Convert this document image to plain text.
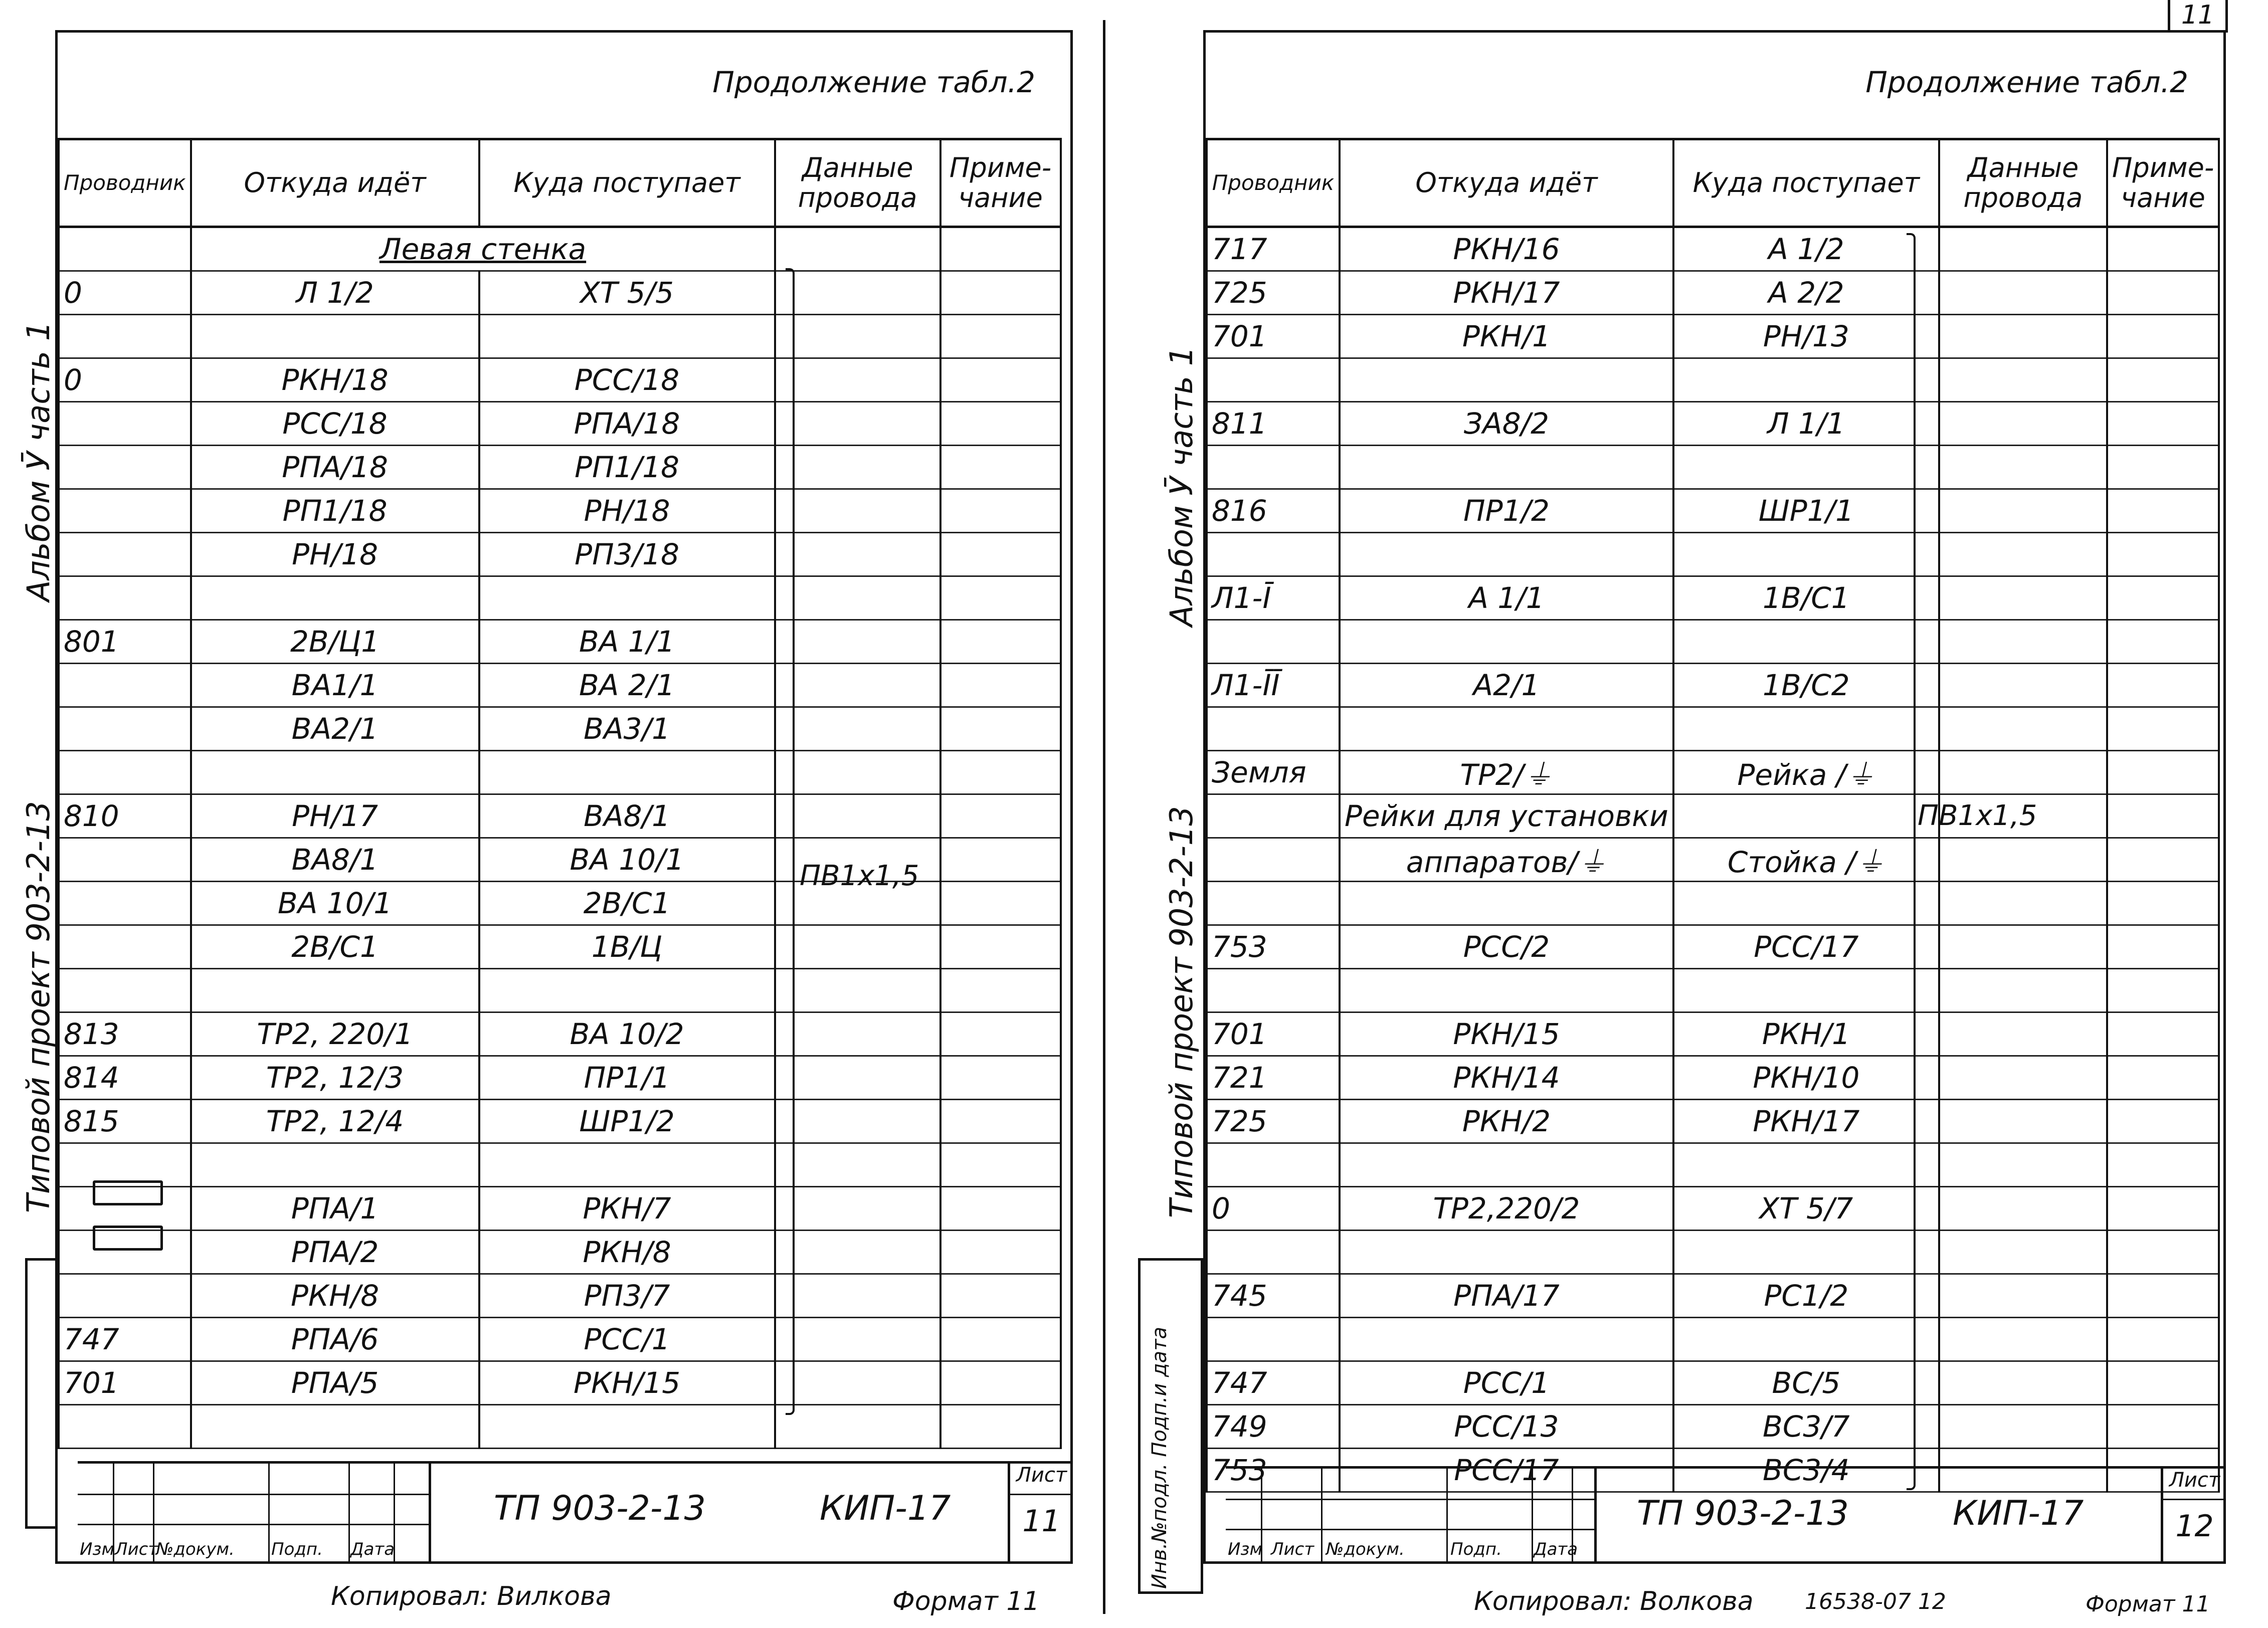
Продолжение табл.2
Проводник	Откуда идёт	Куда поступает	Данные провода	Приме-чание
	Левая стенка			
0	Л 1/2	XT 5/5		

0	РКН/18	РСС/18		
	РСС/18	РПА/18		
	РПА/18	РП1/18		
	РП1/18	РН/18		
	РН/18	РП3/18		

801	2В/Ц1	ВА 1/1		
	ВА1/1	ВА 2/1		
	ВА2/1	ВА3/1		

810	РН/17	ВА8/1		
	ВА8/1	ВА 10/1		
	ВА 10/1	2В/С1		
	2В/С1	1В/Ц		

813	ТР2, 220/1	ВА 10/2		
814	ТР2, 12/3	ПР1/1		
815	ТР2, 12/4	ШР1/2		

	РПА/1	РКН/7		
	РПА/2	РКН/8		
	РКН/8	РП3/7		
747	РПА/6	РСС/1		
701	РПА/5	РКН/15		

ПВ1х1,5
Изм Лист
№докум. Подп. Дата
ТП 903-2-13	КИП-17
Лист
11
Альбом Ӯ часть 1
Типовой проект 903-2-13
Копировал: Вилкова	Формат 11
11
Продолжение табл.2
Проводник	Откуда идёт	Куда поступает	Данные провода	Приме-чание
717	РКН/16	А 1/2		
725	РКН/17	А 2/2		
701	РКН/1	РН/13		

811	ЗА8/2	Л 1/1		

816	ПР1/2	ШР1/1		

Л1-Ī	А 1/1	1В/С1		

Л1-ĪĪ	А2/1	1В/С2		

Земля	ТР2/⏚	Рейка /⏚		
	Рейки для установки			
	аппаратов/⏚	Стойка /⏚		

753	РСС/2	РСС/17		

701	РКН/15	РКН/1		
721	РКН/14	РКН/10		
725	РКН/2	РКН/17		

0	ТР2,220/2	ХТ 5/7		

745	РПА/17	РС1/2		

747	РСС/1	ВС/5		
749	РСС/13	ВС3/7		
753	РСС/17	ВС3/4		
ПВ1х1,5
Изм Лист №докум.	Подп. Дата
ТП 903-2-13	КИП-17
Лист
12
Инв.№подл. Подп.и дата
Альбом Ӯ часть 1
Типовой проект 903-2-13
Копировал: Волкова 16538-07 12	Формат 11
